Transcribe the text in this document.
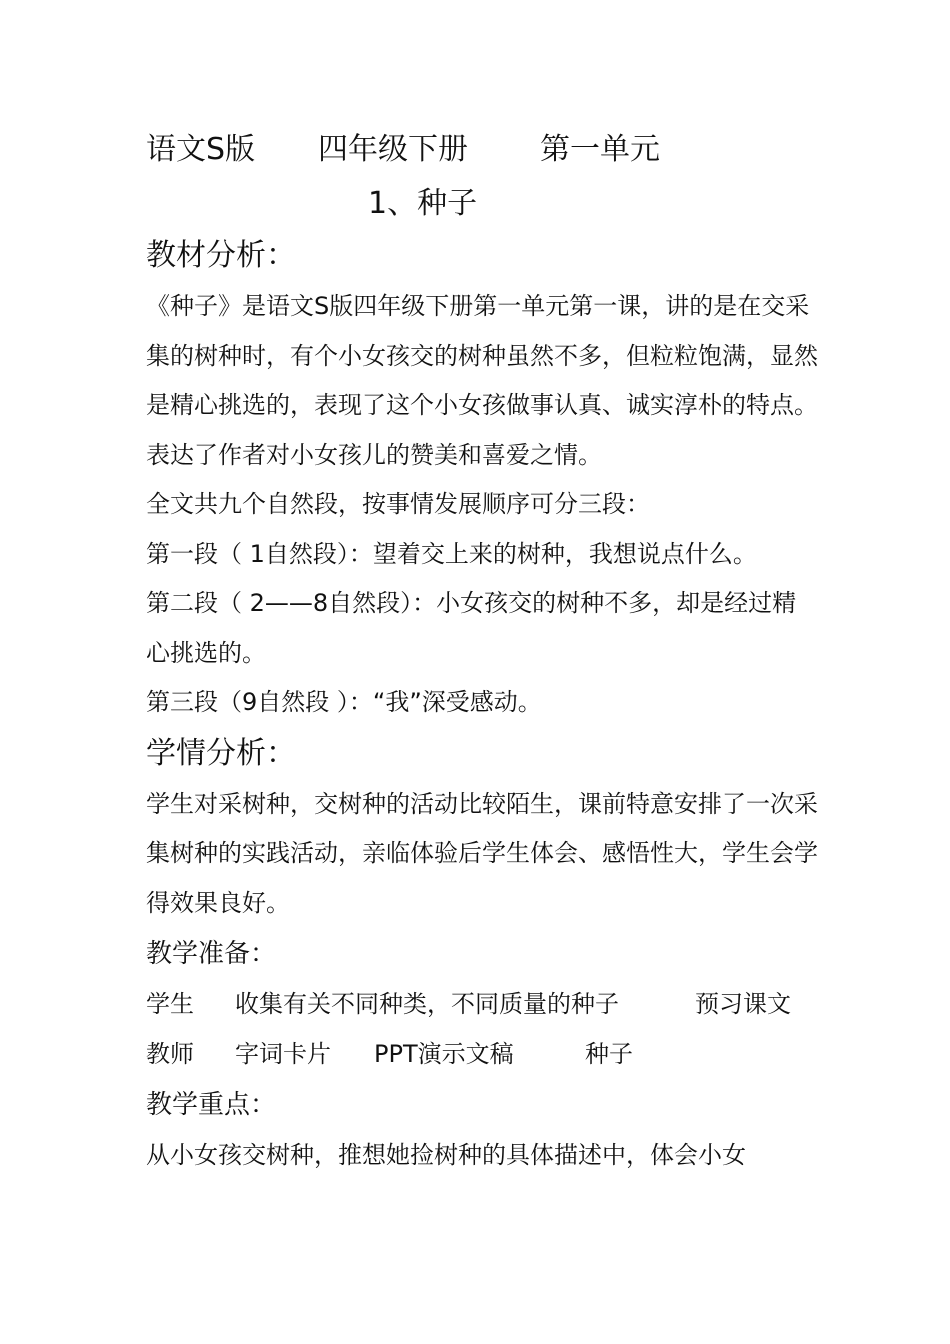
语文S版 四年级下册 第一单元
1、种子
教材分析：

《种子》是语文S版四年级下册第一单元第一课，讲的是在交采集的树种时，有个小女孩交的树种虽然不多，但粒粒饱满，显然是精心挑选的，表现了这个小女孩做事认真、诚实淳朴的特点。表达了作者对小女孩儿的赞美和喜爱之情。

全文共九个自然段，按事情发展顺序可分三段：
第一段（ 1自然段）：望着交上来的树种，我想说点什么。

第二段（ 2——8自然段）：小女孩交的树种不多，却是经过精心挑选的。

第三段（9自然段 ）：“我”深受感动。
学情分析：

学生对采树种，交树种的活动比较陌生，课前特意安排了一次采集树种的实践活动，亲临体验后学生体会、感悟性大，学生会学得效果良好。

教学准备：
学生 收集有关不同种类，不同质量的种子	预习课文
教师 字词卡片 PPT演示文稿	种子
教学重点：
从小女孩交树种，推想她捡树种的具体描述中，体会小女
